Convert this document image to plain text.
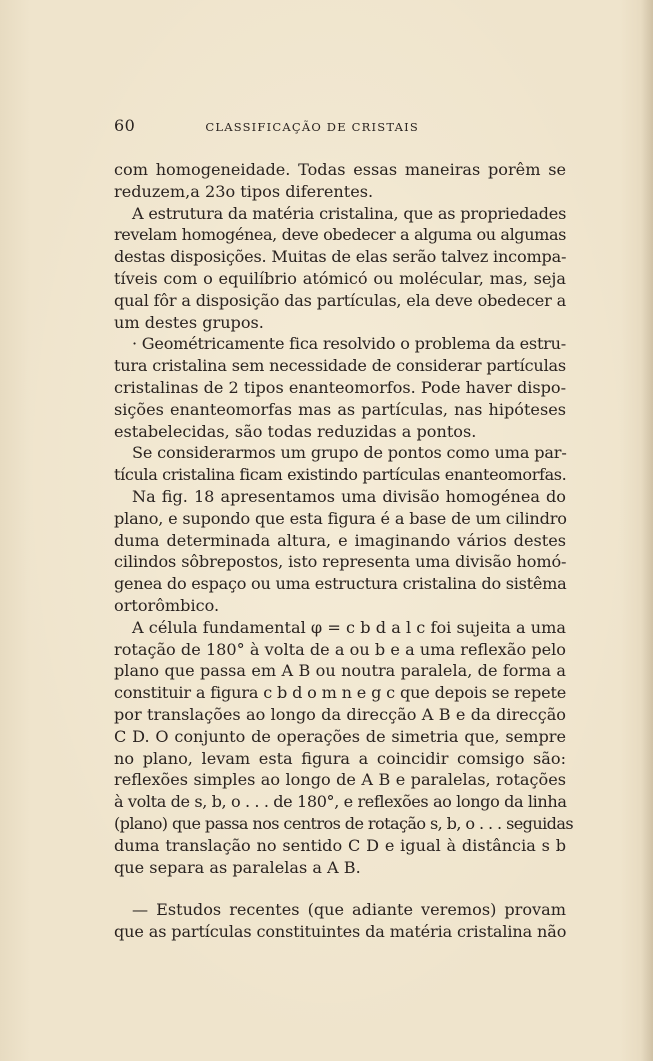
60	CLASSIFICAÇÃO DE CRISTAIS
com homogeneidade. Todas essas maneiras porêm se
reduzem,a 23o tipos diferentes.
A estrutura da matéria cristalina, que as propriedades
revelam homogénea, deve obedecer a alguma ou algumas
destas disposições. Muitas de elas serão talvez incompa-
tíveis com o equilíbrio atómicó ou molécular, mas, seja
qual fôr a disposição das partículas, ela deve obedecer a
um destes grupos.
· Geométricamente fica resolvido o problema da estru-
tura cristalina sem necessidade de considerar partículas
cristalinas de 2 tipos enanteomorfos. Pode haver dispo-
sições enanteomorfas mas as partículas, nas hipóteses
estabelecidas, são todas reduzidas a pontos.
Se considerarmos um grupo de pontos como uma par-
tícula cristalina ficam existindo partículas enanteomorfas.
Na fig. 18 apresentamos uma divisão homogénea do
plano, e supondo que esta figura é a base de um cilindro
duma determinada altura, e imaginando vários destes
cilindos sôbrepostos, isto representa uma divisão homó-
genea do espaço ou uma estructura cristalina do sistêma
ortorômbico.
A célula fundamental φ = c b d a l c foi sujeita a uma
rotação de 180° à volta de a ou b e a uma reflexão pelo
plano que passa em A B ou noutra paralela, de forma a
constituir a figura c b d o m n e g c que depois se repete
por translações ao longo da direcção A B e da direcção
C D. O conjunto de operações de simetria que, sempre
no plano, levam esta figura a coincidir comsigo são:
reflexões simples ao longo de A B e paralelas, rotações
à volta de s, b, o . . . de 180°, e reflexões ao longo da linha
(plano) que passa nos centros de rotação s, b, o . . . seguidas
duma translação no sentido C D e igual à distância s b
que separa as paralelas a A B.
— Estudos recentes (que adiante veremos) provam
que as partículas constituintes da matéria cristalina não
